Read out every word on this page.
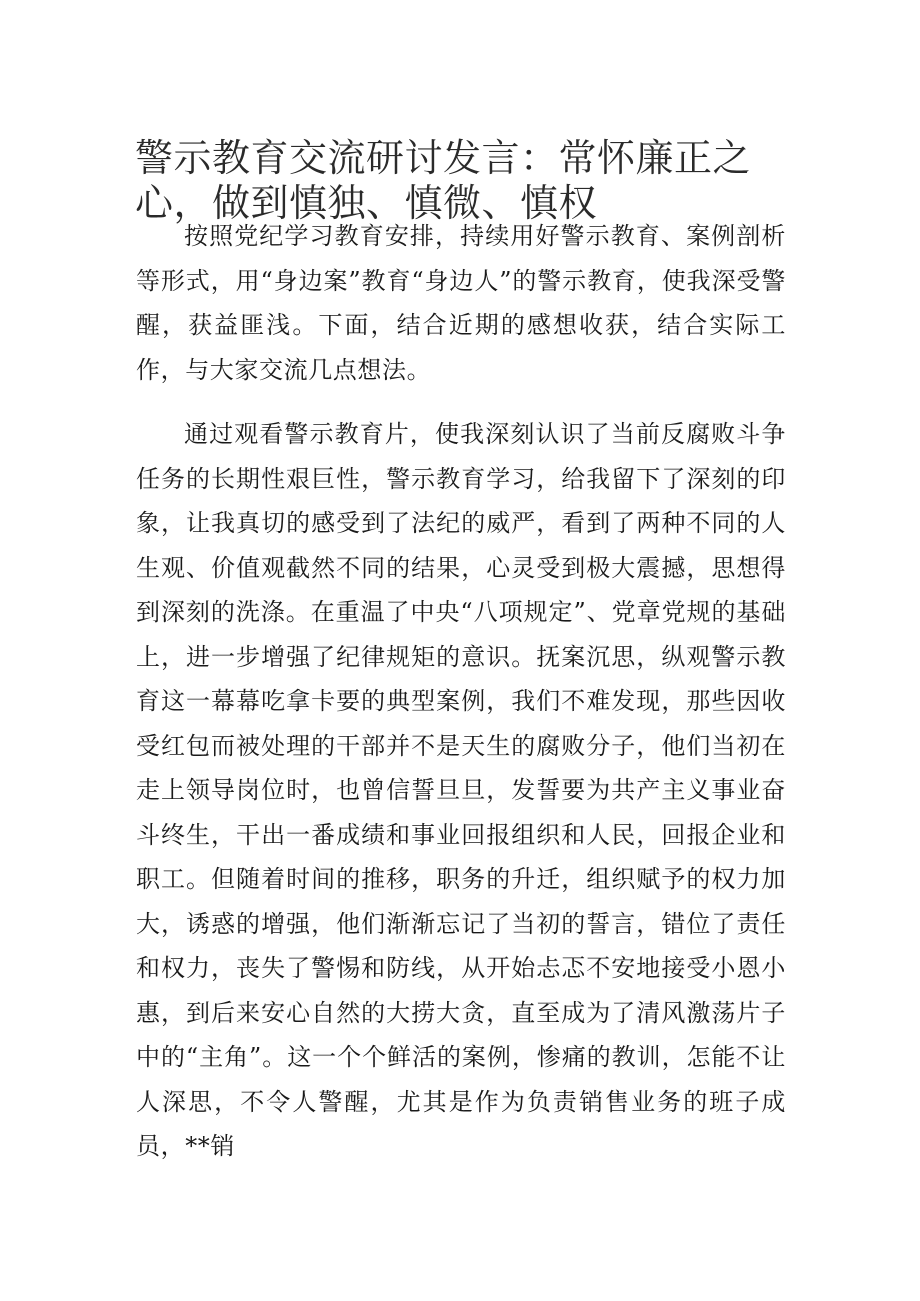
警示教育交流研讨发言：常怀廉正之心，做到慎独、慎微、慎权

按照党纪学习教育安排，持续用好警示教育、案例剖析等形式，用“身边案”教育“身边人”的警示教育，使我深受警醒，获益匪浅。下面，结合近期的感想收获，结合实际工作，与大家交流几点想法。

通过观看警示教育片，使我深刻认识了当前反腐败斗争任务的长期性艰巨性，警示教育学习，给我留下了深刻的印象，让我真切的感受到了法纪的威严，看到了两种不同的人生观、价值观截然不同的结果，心灵受到极大震撼，思想得到深刻的洗涤。在重温了中央“八项规定”、党章党规的基础上，进一步增强了纪律规矩的意识。抚案沉思，纵观警示教育这一幕幕吃拿卡要的典型案例，我们不难发现，那些因收受红包而被处理的干部并不是天生的腐败分子，他们当初在走上领导岗位时，也曾信誓旦旦，发誓要为共产主义事业奋斗终生，干出一番成绩和事业回报组织和人民，回报企业和职工。但随着时间的推移，职务的升迁，组织赋予的权力加大，诱惑的增强，他们渐渐忘记了当初的誓言，错位了责任和权力，丧失了警惕和防线，从开始忐忑不安地接受小恩小惠，到后来安心自然的大捞大贪，直至成为了清风激荡片子中的“主角”。这一个个鲜活的案例，惨痛的教训，怎能不让人深思，不令人警醒，尤其是作为负责销售业务的班子成员，**销
